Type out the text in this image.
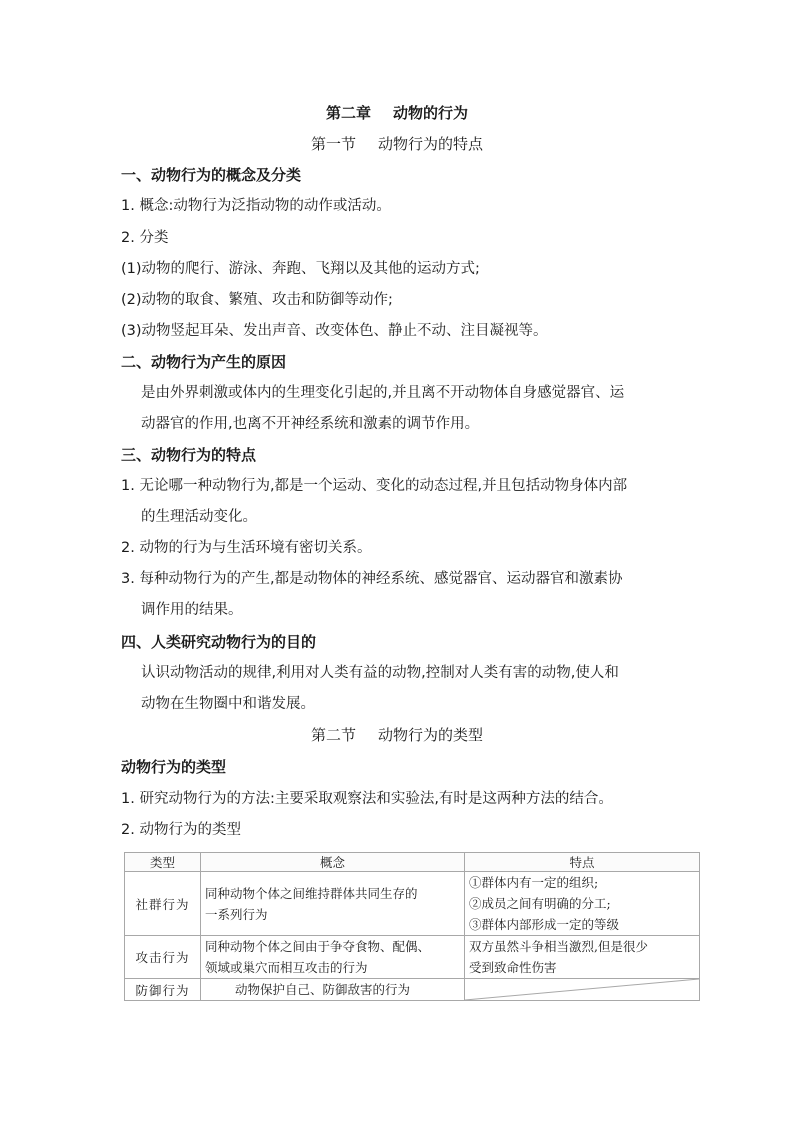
第二章 动物的行为
第一节 动物行为的特点
一、动物行为的概念及分类
1. 概念:动物行为泛指动物的动作或活动。
2. 分类
(1)动物的爬行、游泳、奔跑、飞翔以及其他的运动方式;
(2)动物的取食、繁殖、攻击和防御等动作;
(3)动物竖起耳朵、发出声音、改变体色、静止不动、注目凝视等。
二、动物行为产生的原因
是由外界刺激或体内的生理变化引起的,并且离不开动物体自身感觉器官、运
动器官的作用,也离不开神经系统和激素的调节作用。
三、动物行为的特点
1. 无论哪一种动物行为,都是一个运动、变化的动态过程,并且包括动物身体内部
的生理活动变化。
2. 动物的行为与生活环境有密切关系。
3. 每种动物行为的产生,都是动物体的神经系统、感觉器官、运动器官和激素协
调作用的结果。
四、人类研究动物行为的目的
认识动物活动的规律,利用对人类有益的动物,控制对人类有害的动物,使人和
动物在生物圈中和谐发展。
第二节 动物行为的类型
动物行为的类型
1. 研究动物行为的方法:主要采取观察法和实验法,有时是这两种方法的结合。
2. 动物行为的类型
类型	概念	特点
社群行为	同种动物个体之间维持群体共同生存的
一系列行为	①群体内有一定的组织;
②成员之间有明确的分工;
③群体内部形成一定的等级

攻击行为	同种动物个体之间由于争夺食物、配偶、
领域或巢穴而相互攻击的行为	双方虽然斗争相当激烈,但是很少
受到致命性伤害

防御行为	动物保护自己、防御敌害的行为
